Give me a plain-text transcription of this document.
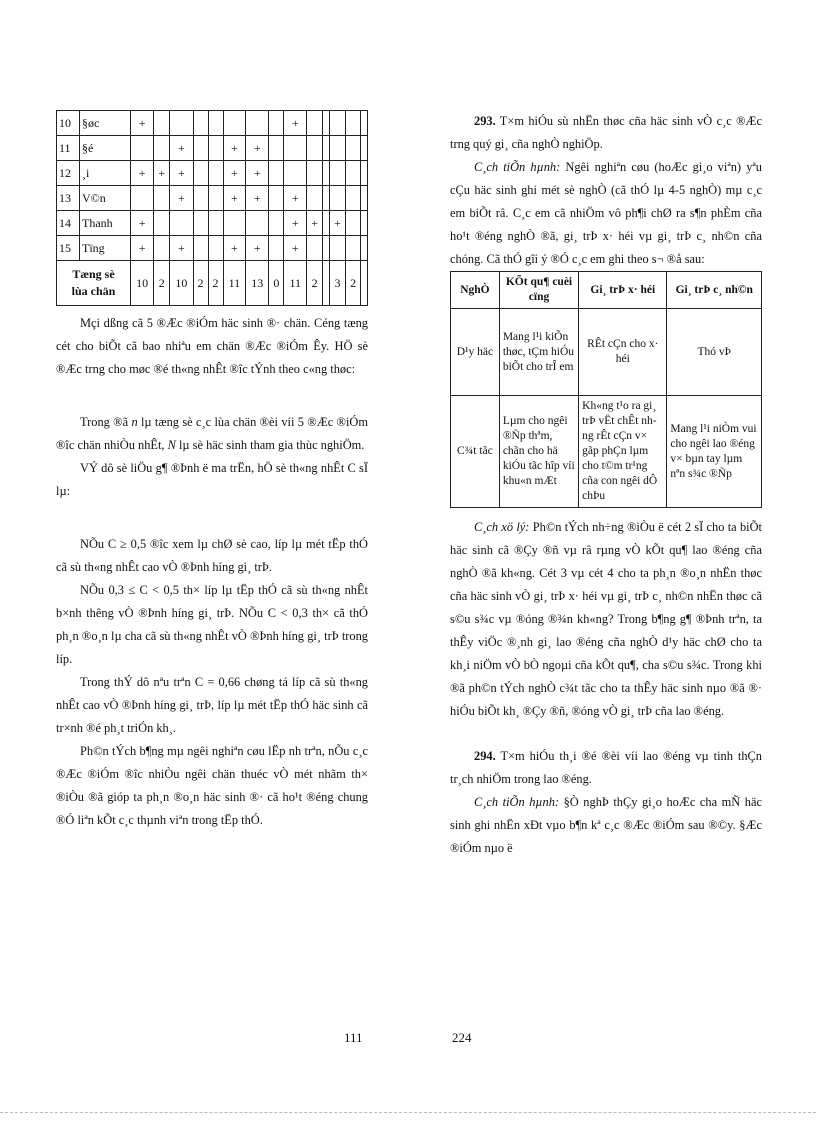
10	§øc	+								+					
11	§é			+			+	+							
12	¸i	+	+	+			+	+							
13	V©n			+			+	+		+					
14	Thanh	+								+	+		+		
15	Tïng	+		+			+	+		+					
Tæng sè
lùa chän		10	2	10	2	2	11	13	0	11	2		3	2	

Mçi dßng cã 5 ®Æc ®iÓm häc sinh ®· chän. Céng tæng cét cho biÕt cã bao nhiªu em chän ®Æc ®iÓm Êy. HÖ sè ®Æc trng cho møc ®é th«ng nhÊt ®îc tÝnh theo c«ng thøc:

Trong ®ã n lµ tæng sè c¸c lùa chän ®èi víi 5 ®Æc ®iÓm ®îc chän nhiÒu nhÊt, N lµ sè häc sinh tham gia thùc nghiÖm.

VÝ dô sè liÖu g¶ ®Þnh ë ma trËn, hÖ sè th«ng nhÊt C sÏ lµ:

NÕu C ≥ 0,5 ®îc xem lµ chØ sè cao, líp lµ mét tËp thÓ cã sù th«ng nhÊt cao vÒ ®Þnh híng gi¸ trÞ.

NÕu 0,3 ≤ C < 0,5 th× líp lµ tËp thÓ cã sù th«ng nhÊt b×nh thêng vÒ ®Þnh híng gi¸ trÞ. NÕu C < 0,3 th× cã thÓ ph¸n ®o¸n lµ cha cã sù th«ng nhÊt vÒ ®Þnh híng gi¸ trÞ trong líp.

Trong thÝ dô nªu trªn C = 0,66 chøng tá líp cã sù th«ng nhÊt cao vÒ ®Þnh híng gi¸ trÞ, líp lµ mét tËp thÓ häc sinh cã tr×nh ®é ph¸t triÓn kh¸.

Ph©n tÝch b¶ng mµ ngêi nghiªn cøu lËp nh trªn, nÕu c¸c ®Æc ®iÓm ®îc nhiÒu ngêi chän thuéc vÒ mét nhãm th× ®iÒu ®ã gióp ta ph¸n ®o¸n häc sinh ®· cã ho¹t ®éng chung ®Ó liªn kÕt c¸c thµnh viªn trong tËp thÓ.

293. T×m hiÓu sù nhËn thøc cña häc sinh vÒ c¸c ®Æc trng quý gi¸ cña nghÒ nghiÖp.

C¸ch tiÕn hµnh: Ngêi nghiªn cøu (hoÆc gi¸o viªn) yªu cÇu häc sinh ghi mét sè nghÒ (cã thÓ lµ 4-5 nghÒ) mµ c¸c em biÕt râ. C¸c em cã nhiÖm vô ph¶i chØ ra s¶n phÈm cña ho¹t ®éng nghÒ ®ã, gi¸ trÞ x· héi vµ gi¸ trÞ c¸ nh©n cña chóng. Cã thÓ gîi ý ®Ó c¸c em ghi theo s¬ ®å sau:

NghÒ	KÕt qu¶ cuèi cïng	Gi¸ trÞ x· héi	Gi¸ trÞ c¸ nh©n
D¹y häc	Mang l¹i kiÕn thøc, tÇm hiÓu biÕt cho trÎ em	RÊt cÇn cho x· héi	Thó vÞ
C¾t tãc	Lµm cho ngêi ®Ñp thªm, chãn cho hä kiÓu tãc hîp víi khu«n mÆt	Kh«ng t¹o ra gi¸ trÞ vËt chÊt nhng rÊt cÇn v× gãp phÇn lµm cho t©m tr¹ng cña con ngêi dÔ chÞu	Mang l¹i niÒm vui cho ngêi lao ®éng v× bµn tay lµm nªn s¾c ®Ñp

C¸ch xö lý: Ph©n tÝch nh÷ng ®iÒu ë cét 2 sÏ cho ta biÕt häc sinh cã ®Çy ®ñ vµ râ rµng vÒ kÕt qu¶ lao ®éng cña nghÒ ®ã kh«ng. Cét 3 vµ cét 4 cho ta ph¸n ®o¸n nhËn thøc cña häc sinh vÒ gi¸ trÞ x· héi vµ gi¸ trÞ c¸ nh©n nhËn thøc cã s©u s¾c vµ ®óng ®¾n kh«ng? Trong b¶ng g¶ ®Þnh trªn, ta thÊy viÖc ®¸nh gi¸ lao ®éng cña nghÒ d¹y häc chØ cho ta kh¸i niÖm vÒ bÒ ngoµi cña kÕt qu¶, cha s©u s¾c. Trong khi ®ã ph©n tÝch nghÒ c¾t tãc cho ta thÊy häc sinh nµo ®ã ®· hiÓu biÕt kh¸ ®Çy ®ñ, ®óng vÒ gi¸ trÞ cña lao ®éng.

294. T×m hiÓu th¸i ®é ®èi víi lao ®éng vµ tinh thÇn tr¸ch nhiÖm trong lao ®éng.

C¸ch tiÕn hµnh: §Ò nghÞ thÇy gi¸o hoÆc cha mÑ häc sinh ghi nhËn xÐt vµo b¶n kª c¸c ®Æc ®iÓm sau ®©y. §Æc ®iÓm nµo ë

111	224
